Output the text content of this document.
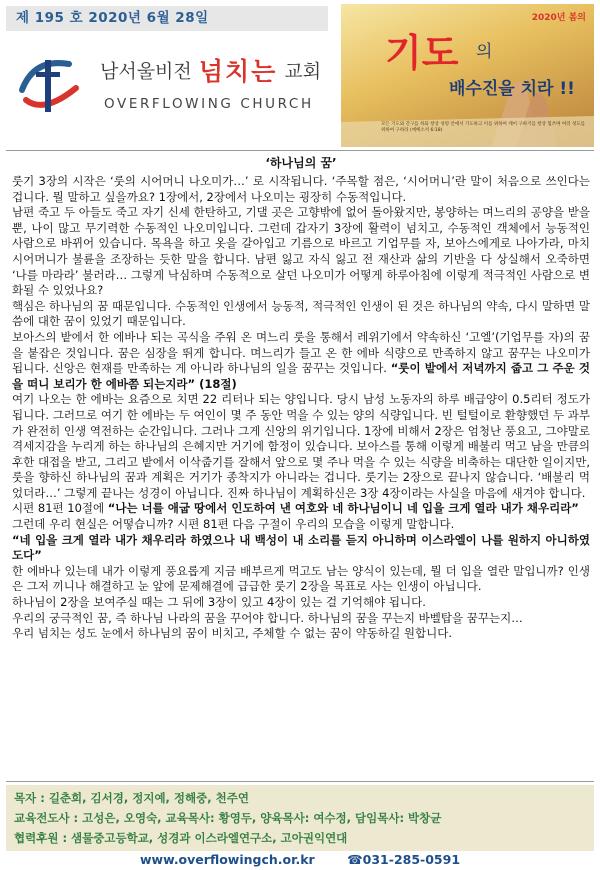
제 195 호 2020년 6월 28일
남서울비전 넘치는 교회
OVERFLOWING CHURCH
2020년 봄의
기도 의
배수진을 치라 !!
모든 기도와 간구를 하되 항상 성령 안에서 기도하고 이를 위하여 깨어 구하기를 항상 힘쓰며 여러 성도를 위하여 구하라 (에베소서 6:18)
‘하나님의 꿈’

룻기 3장의 시작은 ‘룻의 시어머니 나오미가…’ 로 시작됩니다. ‘주목할 점은, ‘시어머니’란 말이 처음으로 쓰인다는 겁니다. 뭘 말하고 싶을까요? 1장에서, 2장에서 나오미는 굉장히 수동적입니다.

남편 죽고 두 아들도 죽고 자기 신세 한탄하고, 기댈 곳은 고향밖에 없어 돌아왔지만, 봉양하는 며느리의 공양을 받을 뿐, 나이 많고 무기력한 수동적인 나오미입니다. 그런데 갑자기 3장에 활력이 넘치고, 수동적인 객체에서 능동적인 사람으로 바뀌어 있습니다. 목욕을 하고 옷을 갈아입고 기름으로 바르고 기업무를 자, 보아스에게로 나아가라, 마치 시어머니가 불륜을 조장하는 듯한 말을 합니다. 남편 잃고 자식 잃고 전 재산과 삶의 기반을 다 상실해서 오죽하면 ‘나를 마라라’ 불러라… 그렇게 낙심하며 수동적으로 살던 나오미가 어떻게 하루아침에 이렇게 적극적인 사람으로 변화될 수 있었나요?

핵심은 하나님의 꿈 때문입니다. 수동적인 인생에서 능동적, 적극적인 인생이 된 것은 하나님의 약속, 다시 말하면 말씀에 대한 꿈이 있었기 때문입니다.

보아스의 밭에서 한 에바나 되는 곡식을 주워 온 며느리 룻을 통해서 레위기에서 약속하신 ‘고엘’(기업무를 자)의 꿈을 붙잡은 것입니다. 꿈은 심장을 뛰게 합니다. 며느리가 들고 온 한 에바 식량으로 만족하지 않고 꿈꾸는 나오미가 됩니다. 신앙은 현재를 만족하는 게 아니라 하나님의 일을 꿈꾸는 것입니다. “룻이 밭에서 저녁까지 줍고 그 주운 것을 떠니 보리가 한 에바쯤 되는지라” (18절)

여기 나오는 한 에바는 요즘으로 치면 22 리터나 되는 양입니다. 당시 남성 노동자의 하루 배급양이 0.5리터 정도가 됩니다. 그러므로 여기 한 에바는 두 여인이 몇 주 동안 먹을 수 있는 양의 식량입니다. 빈 털털이로 환향했던 두 과부가 완전히 인생 역전하는 순간입니다. 그러나 그게 신앙의 위기입니다. 1장에 비해서 2장은 엄청난 풍요고, 그야말로 격세지감을 누리게 하는 하나님의 은혜지만 거기에 함정이 있습니다. 보아스를 통해 이렇게 배불리 먹고 남을 만큼의 후한 대접을 받고, 그리고 밭에서 이삭줍기를 잘해서 앞으로 몇 주나 먹을 수 있는 식량을 비축하는 대단한 일이지만, 룻을 향하신 하나님의 꿈과 계획은 거기가 종착지가 아니라는 겁니다. 룻기는 2장으로 끝나지 않습니다. ‘배불리 먹었더라…’ 그렇게 끝나는 성경이 아닙니다. 진짜 하나님이 계획하신은 3장 4장이라는 사실을 마음에 새겨야 합니다.

시편 81편 10절에 “나는 너를 애굽 땅에서 인도하여 낸 여호와 네 하나님이니 네 입을 크게 열라 내가 채우리라”

그런데 우리 현실은 어떻습니까? 시편 81편 다음 구절이 우리의 모습을 이렇게 말합니다.

“네 입을 크게 열라 내가 채우리라 하였으나 내 백성이 내 소리를 듣지 아니하며 이스라엘이 나를 원하지 아니하였도다”

한 에바나 있는데 내가 이렇게 풍요롭게 지금 배부르게 먹고도 남는 양식이 있는데, 뭘 더 입을 열란 말입니까? 인생은 그저 끼니나 해결하고 눈 앞에 문제해결에 급급한 룻기 2장을 목표로 사는 인생이 아닙니다.

하나님이 2장을 보여주실 때는 그 뒤에 3장이 있고 4장이 있는 걸 기억해야 됩니다.

우리의 궁극적인 꿈, 즉 하나님 나라의 꿈을 꾸어야 합니다. 하나님의 꿈을 꾸는지 바벨탑을 꿈꾸는지…

우리 넘치는 성도 눈에서 하나님의 꿈이 비치고, 주체할 수 없는 꿈이 약동하길 원합니다.

목자 : 길춘희, 김서경, 정지예, 정해중, 천주연
교육전도사 : 고성은, 오영숙, 교육목사: 황영두, 양육목사: 여수정, 담임목사: 박창균
협력후원 : 샘물중고등학교, 성경과 이스라엘연구소, 고아권익연대
www.overflowingch.or.kr	☎031-285-0591
